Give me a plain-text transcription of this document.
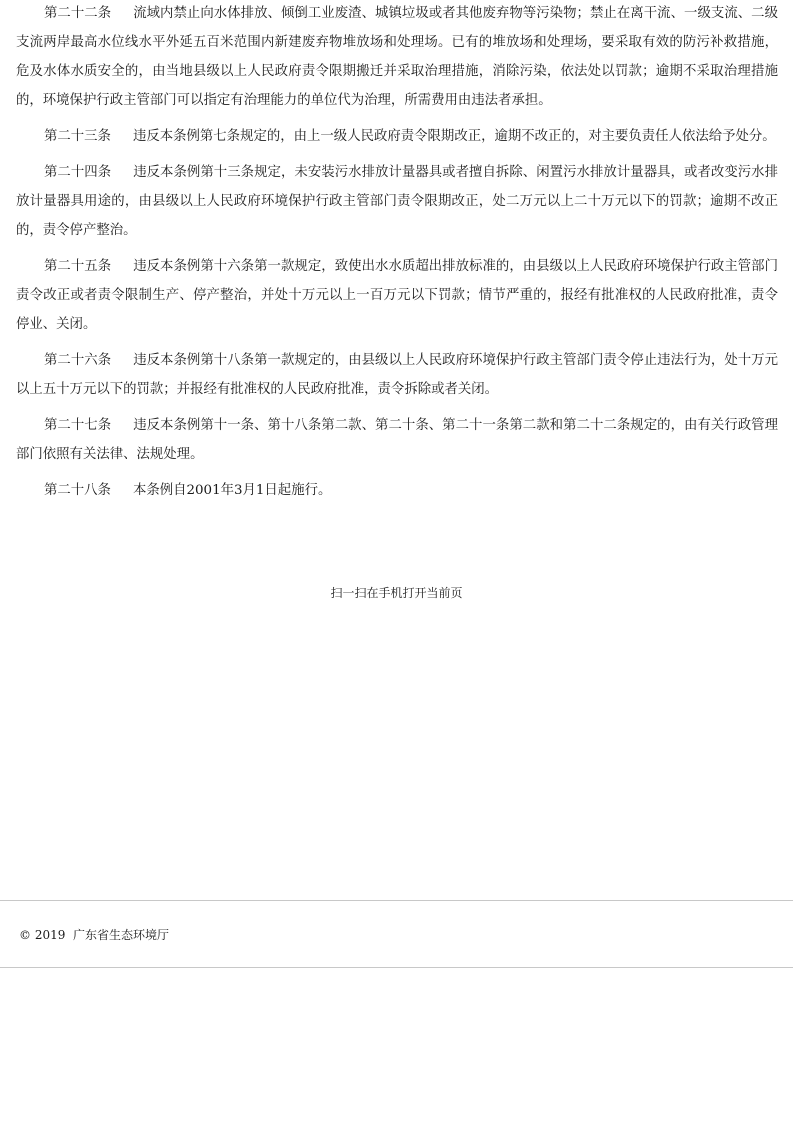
第二十二条 流域内禁止向水体排放、倾倒工业废渣、城镇垃圾或者其他废弃物等污染物；禁止在离干流、一级支流、二级支流两岸最高水位线水平外延五百米范围内新建废弃物堆放场和处理场。已有的堆放场和处理场，要采取有效的防污补救措施，危及水体水质安全的，由当地县级以上人民政府责令限期搬迁并采取治理措施，消除污染，依法处以罚款；逾期不采取治理措施的，环境保护行政主管部门可以指定有治理能力的单位代为治理，所需费用由违法者承担。

第二十三条 违反本条例第七条规定的，由上一级人民政府责令限期改正，逾期不改正的，对主要负责任人依法给予处分。

第二十四条 违反本条例第十三条规定，未安装污水排放计量器具或者擅自拆除、闲置污水排放计量器具，或者改变污水排放计量器具用途的，由县级以上人民政府环境保护行政主管部门责令限期改正，处二万元以上二十万元以下的罚款；逾期不改正的，责令停产整治。

第二十五条 违反本条例第十六条第一款规定，致使出水水质超出排放标准的，由县级以上人民政府环境保护行政主管部门责令改正或者责令限制生产、停产整治，并处十万元以上一百万元以下罚款；情节严重的，报经有批准权的人民政府批准，责令停业、关闭。

第二十六条 违反本条例第十八条第一款规定的，由县级以上人民政府环境保护行政主管部门责令停止违法行为，处十万元以上五十万元以下的罚款；并报经有批准权的人民政府批准，责令拆除或者关闭。

第二十七条 违反本条例第十一条、第十八条第二款、第二十条、第二十一条第二款和第二十二条规定的，由有关行政管理部门依照有关法律、法规处理。

第二十八条 本条例自2001年3月1日起施行。

扫一扫在手机打开当前页
© 2019  广东省生态环境厅
